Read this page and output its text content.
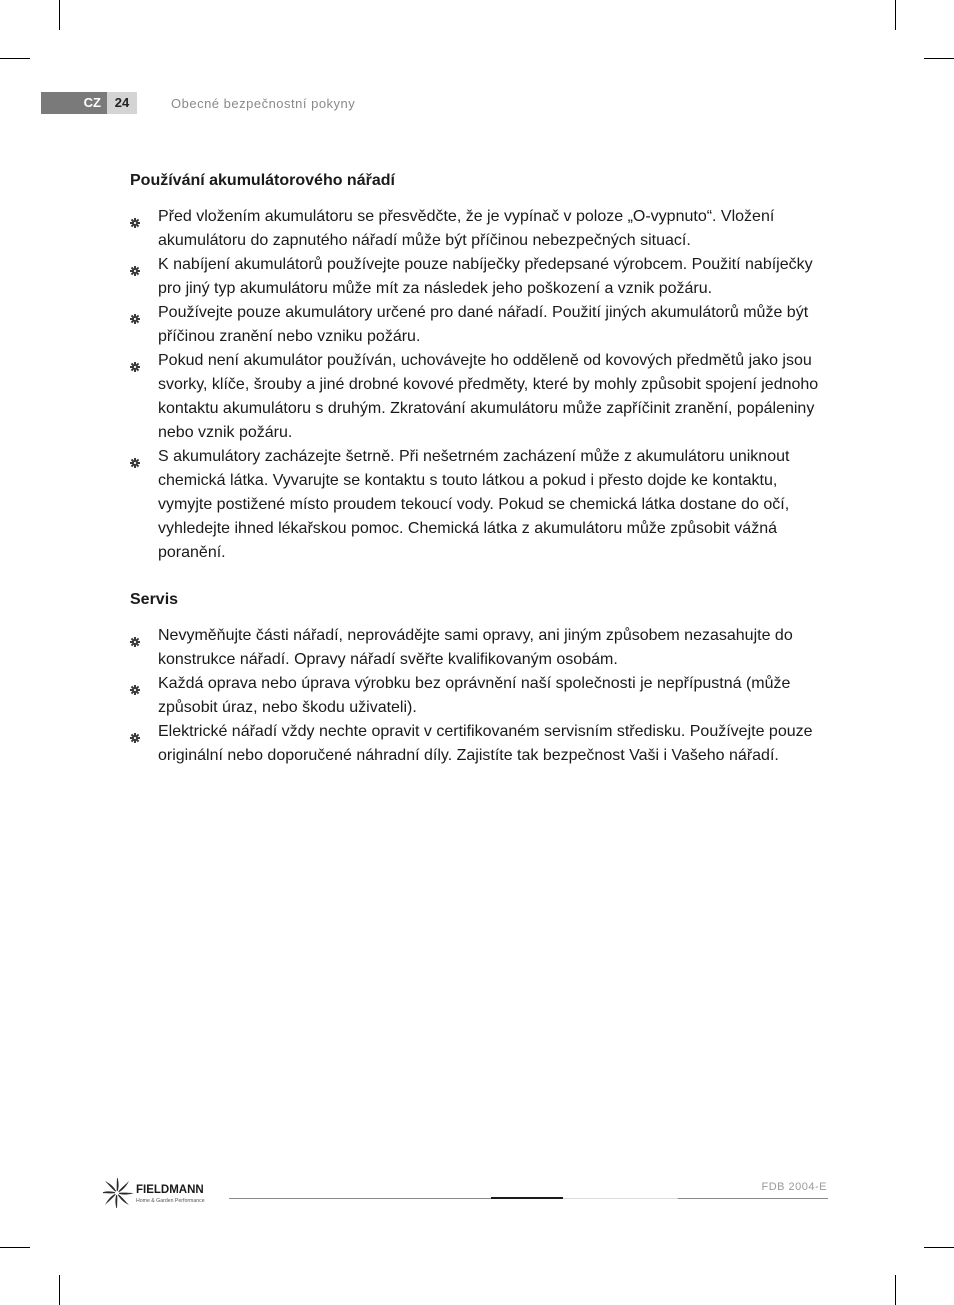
CZ	24	Obecné bezpečnostní pokyny
Používání akumulátorového nářadí
Před vložením akumulátoru se přesvědčte, že je vypínač v poloze „O-vypnuto“. Vložení akumulátoru do zapnutého nářadí může být příčinou nebezpečných situací.
K nabíjení akumulátorů používejte pouze nabíječky předepsané výrobcem. Použití nabíječky pro jiný typ akumulátoru může mít za následek jeho poškození a vznik požáru.
Používejte pouze akumulátory určené pro dané nářadí. Použití jiných akumulátorů může být příčinou zranění nebo vzniku požáru.
Pokud není akumulátor používán, uchovávejte ho odděleně od kovových předmětů jako jsou svorky, klíče, šrouby a jiné drobné kovové předměty, které by mohly způsobit spojení jednoho kontaktu akumulátoru s druhým. Zkratování akumulátoru může zapříčinit zranění, popáleniny nebo vznik požáru.
S akumulátory zacházejte šetrně. Při nešetrném zacházení může z akumulátoru uniknout chemická látka. Vyvarujte se kontaktu s touto látkou a pokud i přesto dojde ke kontaktu, vymyjte postižené místo proudem tekoucí vody. Pokud se chemická látka dostane do očí, vyhledejte ihned lékařskou pomoc. Chemická látka z akumulátoru může způsobit vážná poranění.
Servis
Nevyměňujte části nářadí, neprovádějte sami opravy, ani jiným způsobem nezasahujte do konstrukce nářadí. Opravy nářadí svěřte kvalifikovaným osobám.
Každá oprava nebo úprava výrobku bez oprávnění naší společnosti je nepřípustná (může způsobit úraz, nebo škodu uživateli).
Elektrické nářadí vždy nechte opravit v certifikovaném servisním středisku. Používejte pouze originální nebo doporučené náhradní díly. Zajistíte tak bezpečnost Vaši i Vašeho nářadí.
FIELDMANN
Home & Garden Performance
FDB 2004-E
